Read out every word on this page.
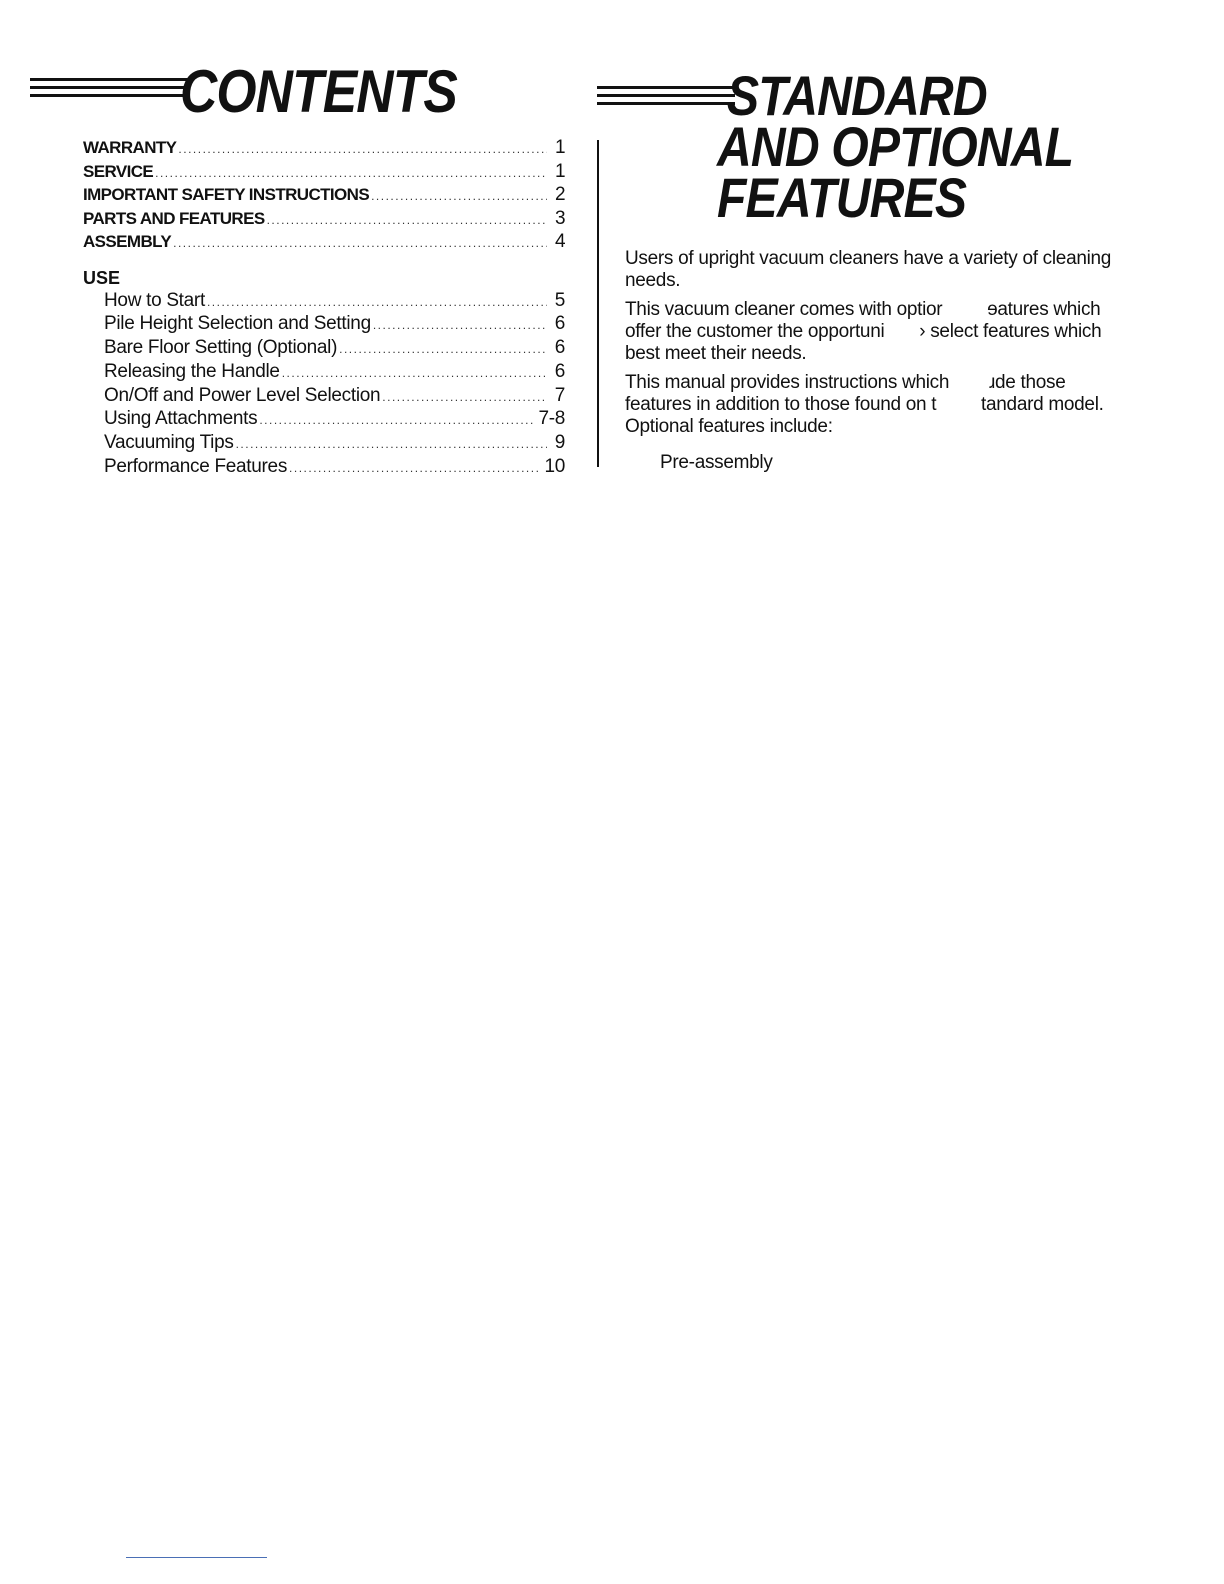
CONTENTS
WARRANTY .....	1
SERVICE .....	1
IMPORTANT SAFETY INSTRUCTIONS .....	2
PARTS AND FEATURES .....	3
ASSEMBLY .....	4
USE
How to Start .....	5
Pile Height Selection and Setting .....	6
Bare Floor Setting (Optional) .....	6
Releasing the Handle .....	6
On/Off and Power Level Selection .....	7
Using Attachments .....	7-8
Vacuuming Tips .....	9
Performance Features .....	10
STANDARD
AND OPTIONAL
FEATURES

Users of upright vacuum cleaners have a variety of cleaning needs.

This vacuum cleaner comes with optior         ɘatures which offer the customer the opportuni       › select features which best meet their needs.

This manual provides instructions which        ɹde those features in addition to those found on t         tandard model. Optional features include:

Pre-assembly
